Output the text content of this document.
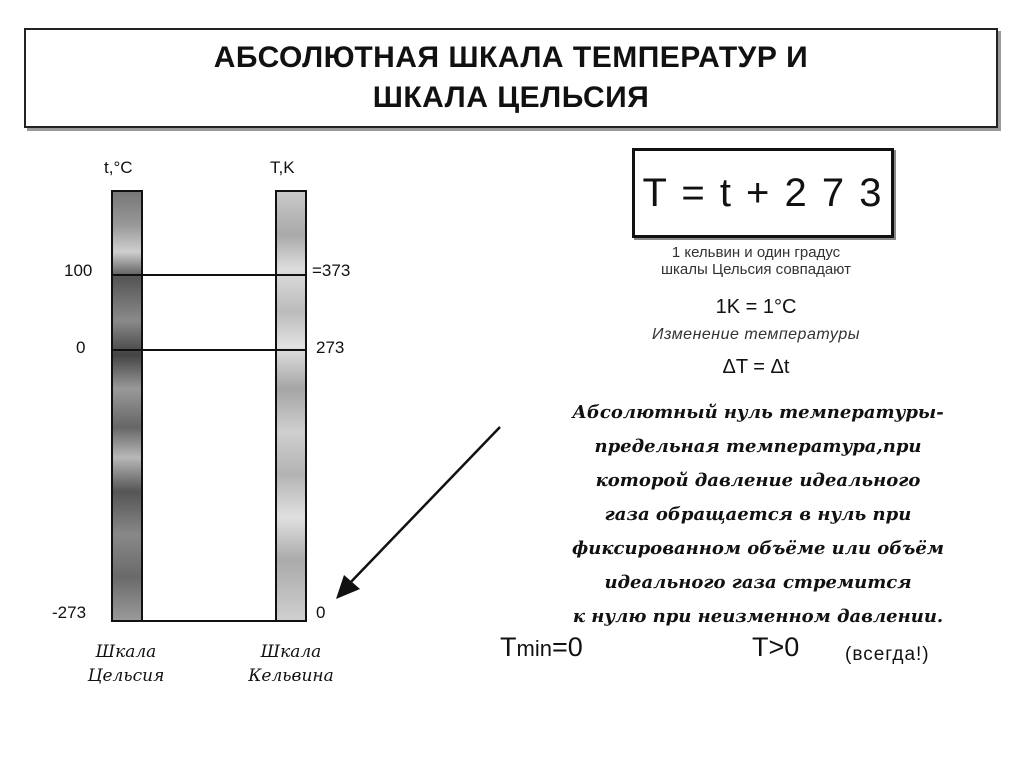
АБСОЛЮТНАЯ ШКАЛА ТЕМПЕРАТУР И
ШКАЛА ЦЕЛЬСИЯ
t,°C	T,K
100
0
-273
=373
273
0
Шкала
Цельсия
Шкала
Кельвина
T = t + 2 7 3
1 кельвин и один градус
шкалы Цельсия совпадают
1K = 1°C
Изменение температуры
ΔT = Δt
Абсолютный нуль температуры-
предельная температура,при
которой давление идеального
газа обращается в нуль при
фиксированном объёме или объём
идеального газа стремится
к нулю при неизменном давлении.
Tmin=0	T>0 (всегда!)
